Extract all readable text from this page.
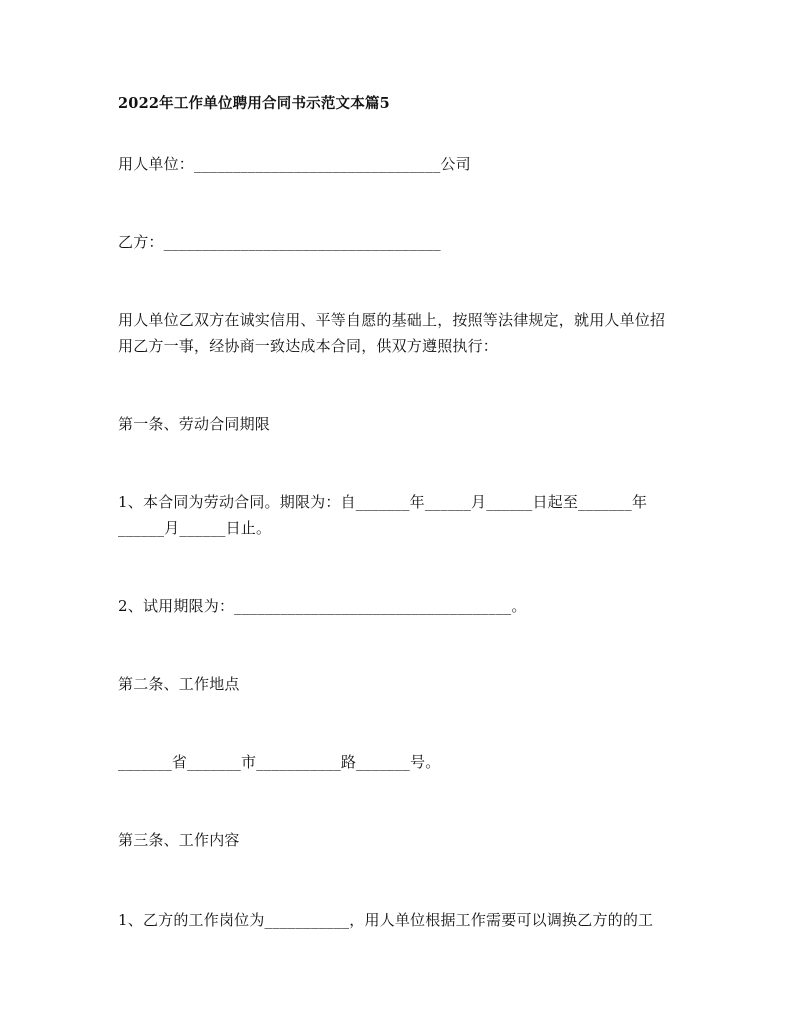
2022年工作单位聘用合同书示范文本篇5
用人单位：________________________________公司
乙方：____________________________________
用人单位乙双方在诚实信用、平等自愿的基础上，按照等法律规定，就用人单位招
用乙方一事，经协商一致达成本合同，供双方遵照执行：
第一条、劳动合同期限
1、本合同为劳动合同。期限为：自_______年______月______日起至_______年
______月______日止。
2、试用期限为：____________________________________。
第二条、工作地点
_______省_______市___________路_______号。
第三条、工作内容
1、乙方的工作岗位为___________，用人单位根据工作需要可以调换乙方的的工
